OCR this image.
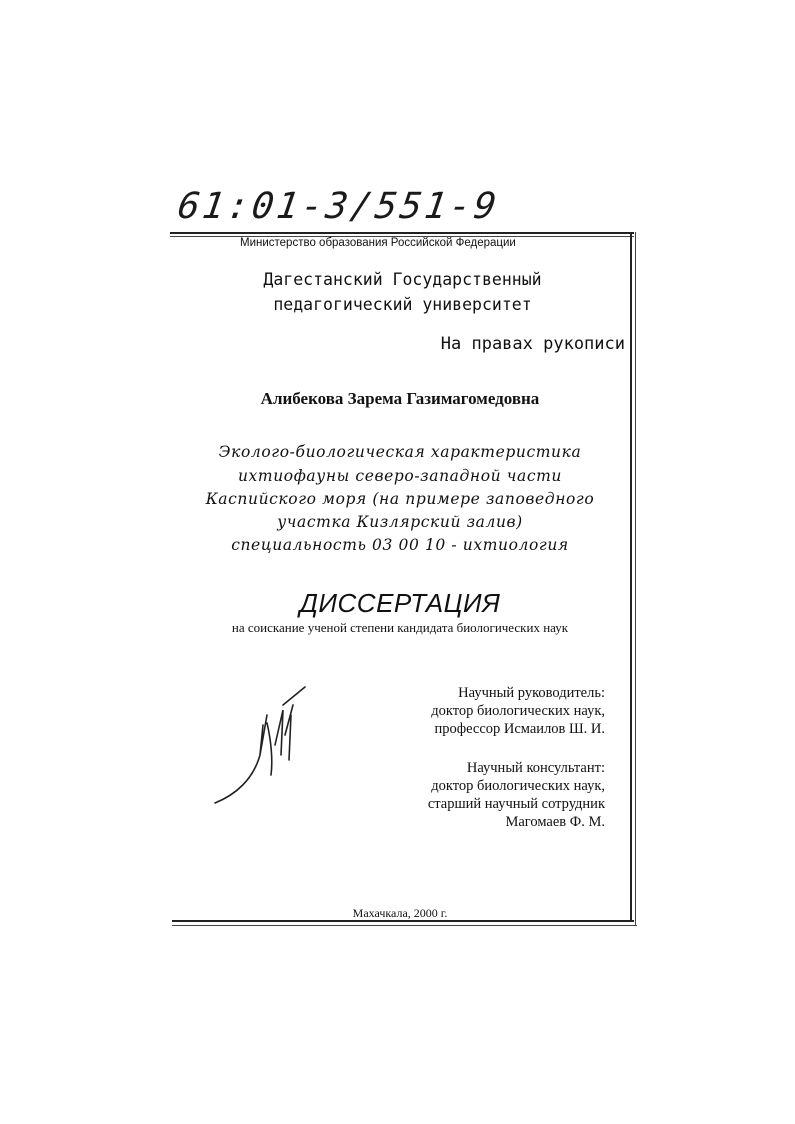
61:01-3/551-9
Министерство образования Российской Федерации
Дагестанский Государственный
педагогический университет
На правах рукописи
Алибекова Зарема Газимагомедовна
Эколого-биологическая характеристика
ихтиофауны северо-западной части
Каспийского моря (на примере заповедного
участка Кизлярский залив)
специальность 03 00 10 - ихтиология
ДИССЕРТАЦИЯ
на соискание ученой степени кандидата биологических наук
Научный руководитель:
доктор биологических наук,
профессор Исмаилов Ш. И.
Научный консультант:
доктор биологических наук,
старший научный сотрудник
Магомаев Ф. М.
Махачкала, 2000 г.
